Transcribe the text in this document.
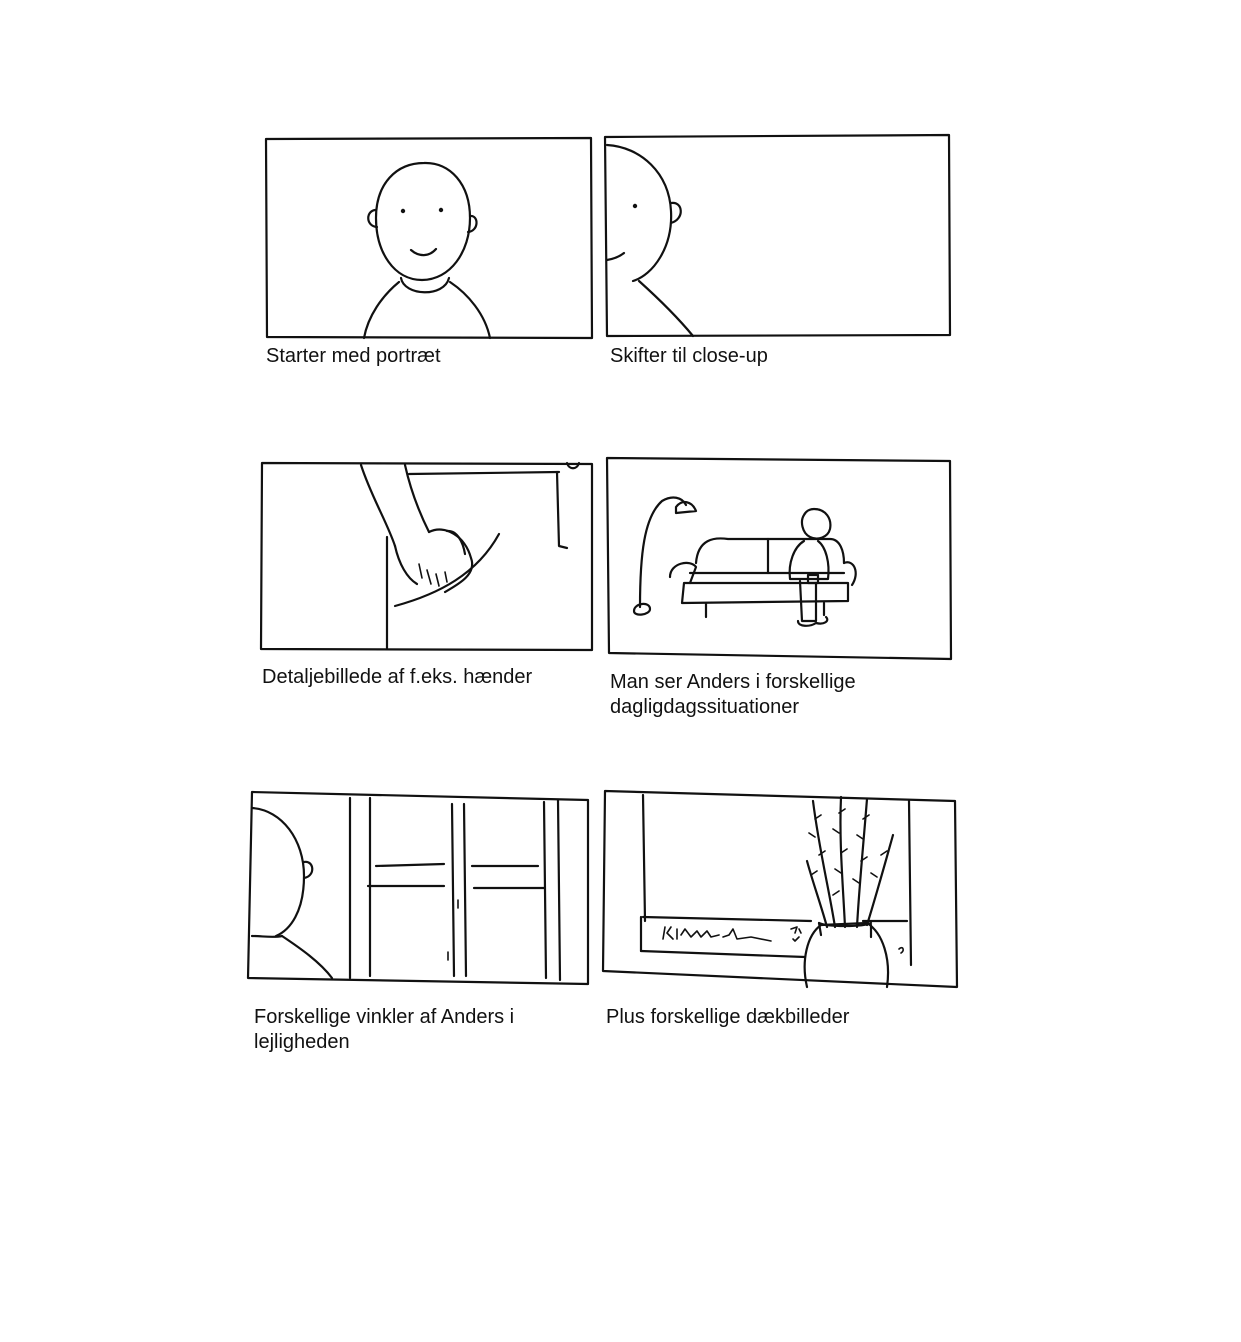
Starter med portræt	Skifter til close-up
Detaljebillede af f.eks. hænder	Man ser Anders i forskellige dagligdagssituationer
Forskellige vinkler af Anders i lejligheden
Plus forskellige dækbilleder
